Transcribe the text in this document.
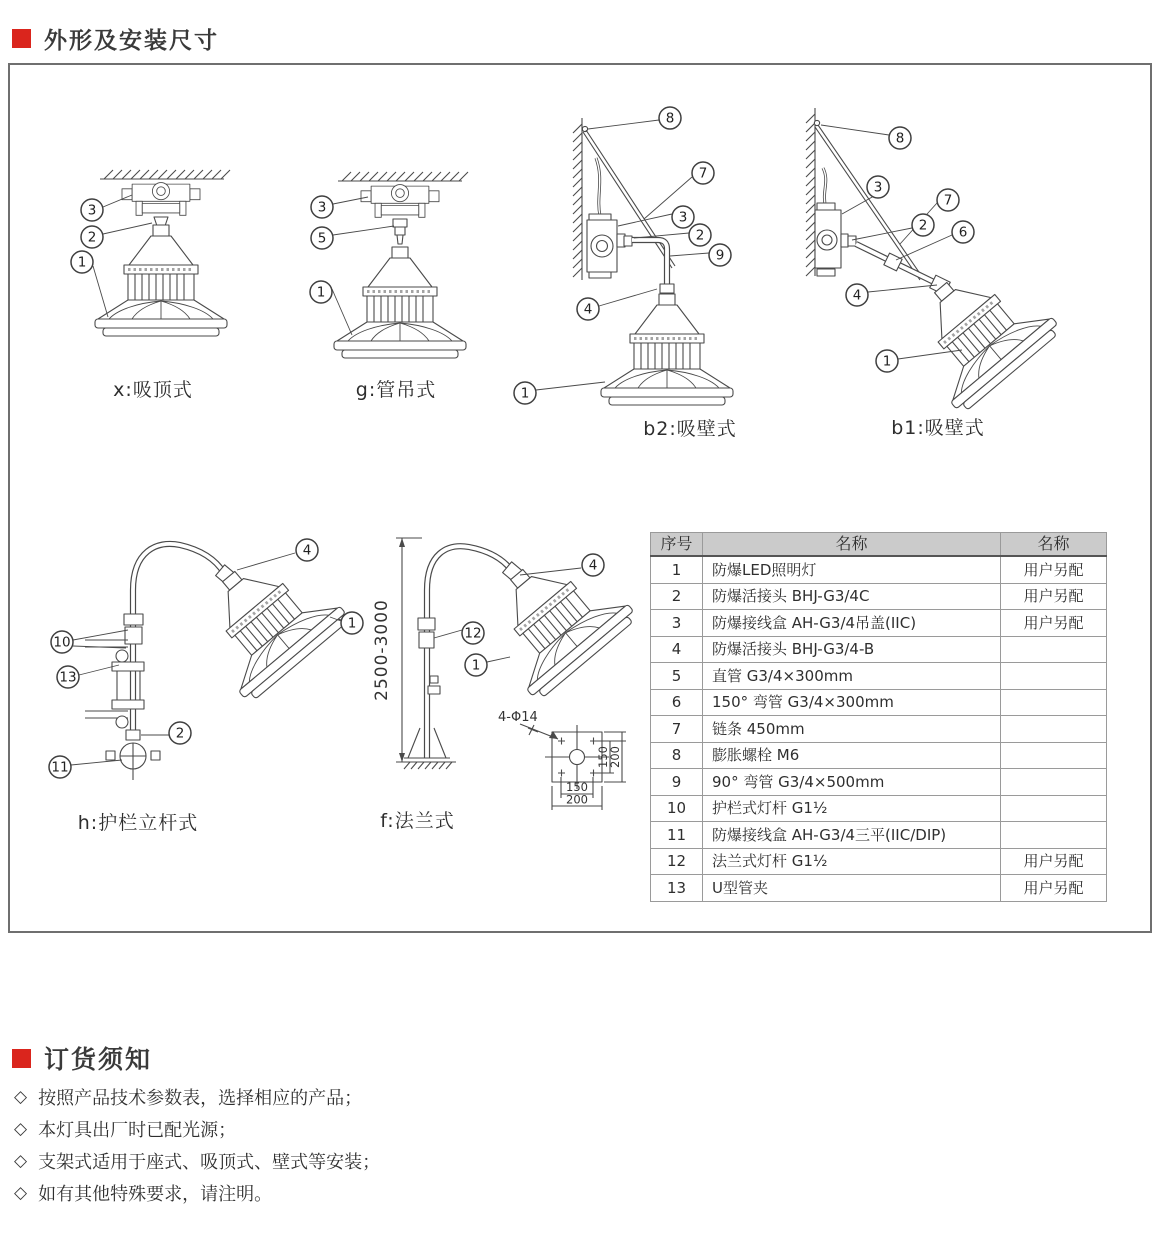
外形及安装尺寸
3
2
1
x:吸顶式
3
5
1
g:管吊式
8
7
3
2
9
4
1
b2:吸壁式
8
3
7
2 6
4
1
b1:吸壁式
4
1
10
13
2
11
h:护栏立杆式
2500-3000
150
200
150
200
4-Φ14
4
12
1
f:法兰式
序号	名称	名称
1	防爆LED照明灯	用户另配
2	防爆活接头 BHJ-G3/4C	用户另配
3	防爆接线盒 AH-G3/4吊盖(IIC)	用户另配
4	防爆活接头 BHJ-G3/4-B	
5	直管 G3/4×300mm	
6	150° 弯管 G3/4×300mm	
7	链条 450mm	
8	膨胀螺栓 M6	
9	90° 弯管 G3/4×500mm	
10	护栏式灯杆 G1½	
11	防爆接线盒 AH-G3/4三平(IIC/DIP)	
12	法兰式灯杆 G1½	用户另配
13	U型管夹	用户另配
订货须知
◇ 按照产品技术参数表，选择相应的产品；
◇ 本灯具出厂时已配光源；
◇ 支架式适用于座式、吸顶式、壁式等安装；
◇ 如有其他特殊要求，请注明。
